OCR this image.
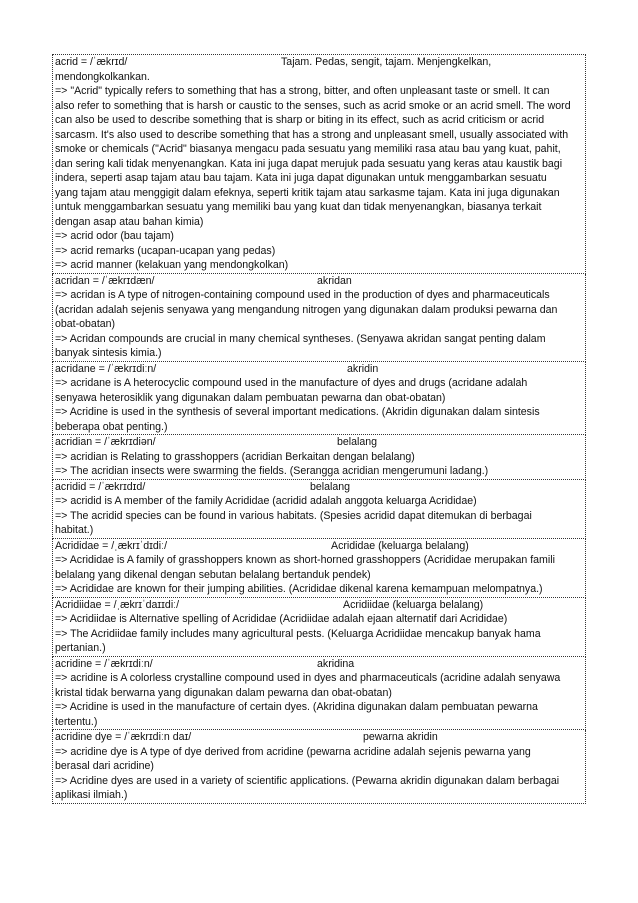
acrid = /ˈækrɪd/	Tajam. Pedas, sengit, tajam. Menjengkelkan,
mendongkolkankan.
=> "Acrid" typically refers to something that has a strong, bitter, and often unpleasant taste or smell. It can
also refer to something that is harsh or caustic to the senses, such as acrid smoke or an acrid smell. The word
can also be used to describe something that is sharp or biting in its effect, such as acrid criticism or acrid
sarcasm. It's also used to describe something that has a strong and unpleasant smell, usually associated with
smoke or chemicals ("Acrid" biasanya mengacu pada sesuatu yang memiliki rasa atau bau yang kuat, pahit,
dan sering kali tidak menyenangkan. Kata ini juga dapat merujuk pada sesuatu yang keras atau kaustik bagi
indera, seperti asap tajam atau bau tajam. Kata ini juga dapat digunakan untuk menggambarkan sesuatu
yang tajam atau menggigit dalam efeknya, seperti kritik tajam atau sarkasme tajam. Kata ini juga digunakan
untuk menggambarkan sesuatu yang memiliki bau yang kuat dan tidak menyenangkan, biasanya terkait
dengan asap atau bahan kimia)
=> acrid odor (bau tajam)
=> acrid remarks (ucapan-ucapan yang pedas)
=> acrid manner (kelakuan yang mendongkolkan)
acridan = /ˈækrɪdæn/	akridan
=> acridan is A type of nitrogen-containing compound used in the production of dyes and pharmaceuticals
(acridan adalah sejenis senyawa yang mengandung nitrogen yang digunakan dalam produksi pewarna dan
obat-obatan)
=> Acridan compounds are crucial in many chemical syntheses. (Senyawa akridan sangat penting dalam
banyak sintesis kimia.)
acridane = /ˈækrɪdiːn/	akridin
=> acridane is A heterocyclic compound used in the manufacture of dyes and drugs (acridane adalah
senyawa heterosiklik yang digunakan dalam pembuatan pewarna dan obat-obatan)
=> Acridine is used in the synthesis of several important medications. (Akridin digunakan dalam sintesis
beberapa obat penting.)
acridian = /ˈækrɪdiən/	belalang
=> acridian is Relating to grasshoppers (acridian Berkaitan dengan belalang)
=> The acridian insects were swarming the fields. (Serangga acridian mengerumuni ladang.)
acridid = /ˈækrɪdɪd/	belalang
=> acridid is A member of the family Acrididae (acridid adalah anggota keluarga Acrididae)
=> The acridid species can be found in various habitats. (Spesies acridid dapat ditemukan di berbagai
habitat.)
Acrididae = /ˌækrɪˈdɪdiː/	Acrididae (keluarga belalang)
=> Acrididae is A family of grasshoppers known as short-horned grasshoppers (Acrididae merupakan famili
belalang yang dikenal dengan sebutan belalang bertanduk pendek)
=> Acrididae are known for their jumping abilities. (Acrididae dikenal karena kemampuan melompatnya.)
Acridiidae = /ˌækrɪˈdaɪɪdiː/	Acridiidae (keluarga belalang)
=> Acridiidae is Alternative spelling of Acrididae (Acridiidae adalah ejaan alternatif dari Acrididae)
=> The Acridiidae family includes many agricultural pests. (Keluarga Acridiidae mencakup banyak hama
pertanian.)
acridine = /ˈækrɪdiːn/	akridina
=> acridine is A colorless crystalline compound used in dyes and pharmaceuticals (acridine adalah senyawa
kristal tidak berwarna yang digunakan dalam pewarna dan obat-obatan)
=> Acridine is used in the manufacture of certain dyes. (Akridina digunakan dalam pembuatan pewarna
tertentu.)
acridine dye = /ˈækrɪdiːn daɪ/	pewarna akridin
=> acridine dye is A type of dye derived from acridine (pewarna acridine adalah sejenis pewarna yang
berasal dari acridine)
=> Acridine dyes are used in a variety of scientific applications. (Pewarna akridin digunakan dalam berbagai
aplikasi ilmiah.)
